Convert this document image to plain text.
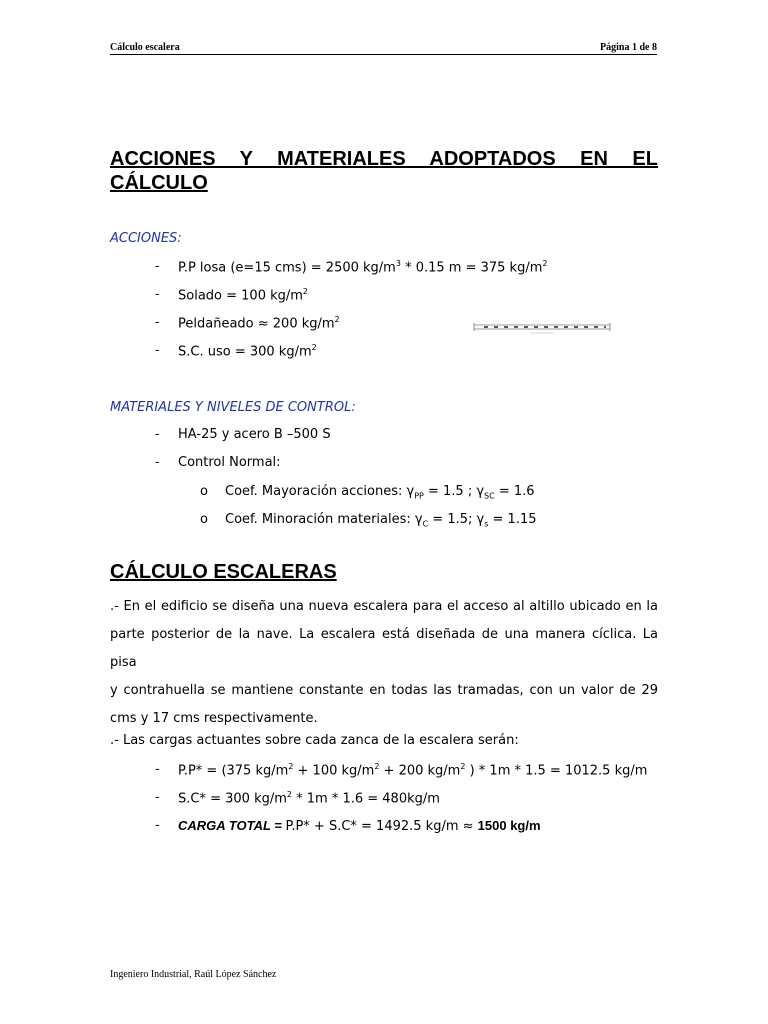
Cálculo escalera	Página 1 de 8
ACCIONES Y MATERIALES ADOPTADOS EN EL
CÁLCULO
ACCIONES:
- P.P losa (e=15 cms) = 2500 $kg/m^3 * 0.15$ m = 375 $kg/m^2$
- Solado = 100 $kg/m^2$
- Peldañeado ≈ 200 $kg/m^2$
- S.C. uso = 300 $kg/m^2$
MATERIALES Y NIVELES DE CONTROL:
- HA-25 y acero B –500 S
- Control Normal:
o Coef. Mayoración acciones: $\gamma_{PP} = 1.5$ ; $\gamma_{SC} = 1.6$
o Coef. Minoración materiales: $\gamma_C = 1.5$; $\gamma_s = 1.15$
CÁLCULO ESCALERAS
.- En el edificio se diseña una nueva escalera para el acceso al altillo ubicado en la
parte posterior de la nave. La escalera está diseñada de una manera cíclica. La pisa
y contrahuella se mantiene constante en todas las tramadas, con un valor de 29
cms y 17 cms respectivamente.
.- Las cargas actuantes sobre cada zanca de la escalera serán:
- P.P* = (375 $kg/m^2 + 100$ $kg/m^2 + 200$ $kg/m^2$ ) * 1m * 1.5 = 1012.5 kg/m
- S.C* = 300 $kg/m^2 * 1m * 1.6 = 480kg/m$
- CARGA TOTAL = P.P* + S.C* = 1492.5 kg/m ≈ 1500 kg/m
Ingeniero Industrial, Raúl López Sánchez
